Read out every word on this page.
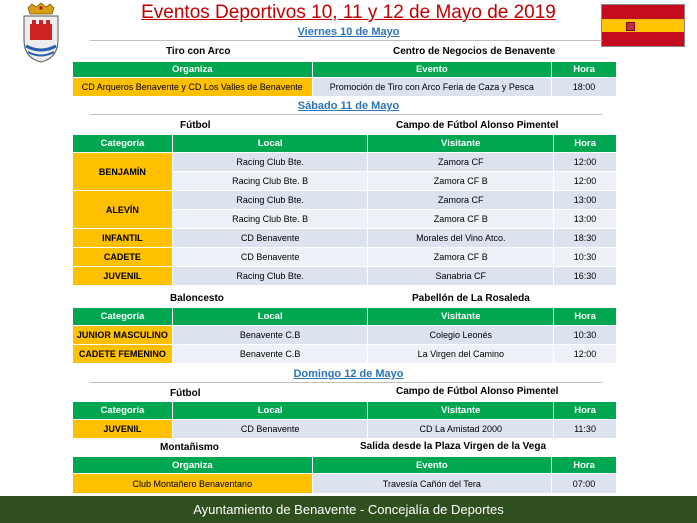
Eventos Deportivos 10, 11 y 12 de Mayo de 2019
Viernes 10 de Mayo
Tiro con Arco	Centro de Negocios de Benavente
Organiza	Evento	Hora
CD Arqueros Benavente y CD Los Valles de Benavente	Promoción de Tiro con Arco Feria de Caza y Pesca	18:00
Sábado 11 de Mayo
Fútbol	Campo de Fútbol Alonso Pimentel
Categoría	Local	Visitante	Hora
BENJAMÍN	Racing Club Bte.	Zamora CF	12:00
	Racing Club Bte. B	Zamora CF B	12:00
ALEVÍN	Racing Club Bte.	Zamora CF	13:00
	Racing Club Bte. B	Zamora CF B	13:00
INFANTIL	CD Benavente	Morales del Vino Atco.	18:30
CADETE	CD Benavente	Zamora CF B	10:30
JUVENIL	Racing Club Bte.	Sanabria CF	16:30
Baloncesto	Pabellón de La Rosaleda
Categoría	Local	Visitante	Hora
JUNIOR MASCULINO	Benavente C.B	Colegio Leonés	10:30
CADETE FEMENINO	Benavente C.B	La Virgen del Camino	12:00
Domingo 12 de Mayo
Fútbol	Campo de Fútbol Alonso Pimentel
Categoría	Local	Visitante	Hora
JUVENIL	CD Benavente	CD La Amistad 2000	11:30
Montañismo	Salida desde la Plaza Virgen de la Vega
Organiza	Evento	Hora
Club Montañero Benaventano	Travesía Cañón del Tera	07:00
Ayuntamiento de Benavente - Concejalía de Deportes
